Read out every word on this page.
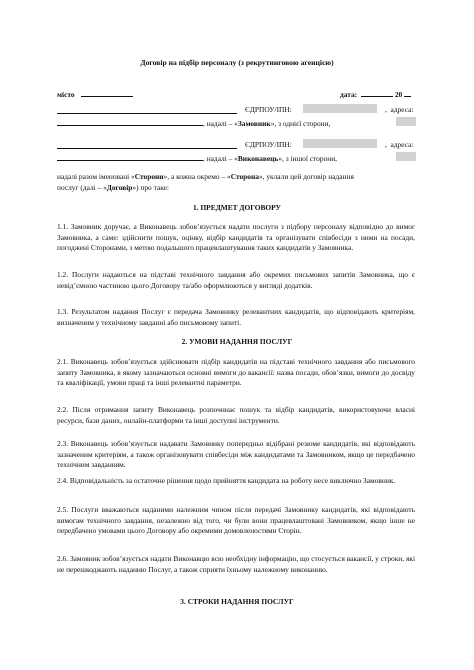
Договір на підбір персоналу (з рекрутинговою агенцією)
місто	дата:	20
ЄДРПОУ/ІПН:	,  адреса:
, надалі – «Замовник», з однієї сторони,
ЄДРПОУ/ІПН:	,  адреса:
, надалі – «Виконавець», з іншої сторони,
надалі разом іменовані «Сторони», а кожна окремо – «Сторона», уклали цей договір надання
послуг (далі – «Договір») про таке:
1. ПРЕДМЕТ ДОГОВОРУ
1.1. Замовник доручає, а Виконавець зобов’язується надати послуги з підбору персоналу відповідно до вимог Замовника, а саме: здійснити пошук, оцінку, відбір кандидатів та організувати співбесіди з ними на посади, погоджені Сторонами, з метою подальшого працевлаштування таких кандидатів у Замовника.
1.2. Послуги надаються на підставі технічного завдання або окремих письмових запитів Замовника, що є невід’ємною частиною цього Договору та/або оформлюються у вигляді додатків.
1.3. Результатом надання Послуг є передача Замовнику релевантних кандидатів, що відповідають критеріям, визначеним у технічному завданні або письмовому запиті.
2. УМОВИ НАДАННЯ ПОСЛУГ
2.1. Виконавець зобов’язується здійснювати підбір кандидатів на підставі технічного завдання або письмового запиту Замовника, в якому зазначаються основні вимоги до вакансії: назва посади, обов’язки, вимоги до досвіду та кваліфікації, умови праці та інші релевантні параметри.
2.2. Після отримання запиту Виконавець розпочинає пошук та відбір кандидатів, використовуючи власні ресурси, бази даних, онлайн-платформи та інші доступні інструменти.
2.3. Виконавець зобов’язується надавати Замовнику попередньо відібрані резюме кандидатів, які відповідають зазначеним критеріям, а також організовувати співбесіди між кандидатами та Замовником, якщо це передбачено технічним завданням.
2.4. Відповідальність за остаточне рішення щодо прийняття кандидата на роботу несе виключно Замовник.
2.5. Послуги вважаються наданими належним чином після передачі Замовнику кандидатів, які відповідають вимогам технічного завдання, незалежно від того, чи були вони працевлаштовані Замовником, якщо інше не передбачено умовами цього Договору або окремими домовленостями Сторін.
2.6. Замовник зобов’язується надати Виконавцю всю необхідну інформацію, що стосується вакансії, у строки, які не перешкоджають наданню Послуг, а також сприяти їхньому належному виконанню.
3. СТРОКИ НАДАННЯ ПОСЛУГ
